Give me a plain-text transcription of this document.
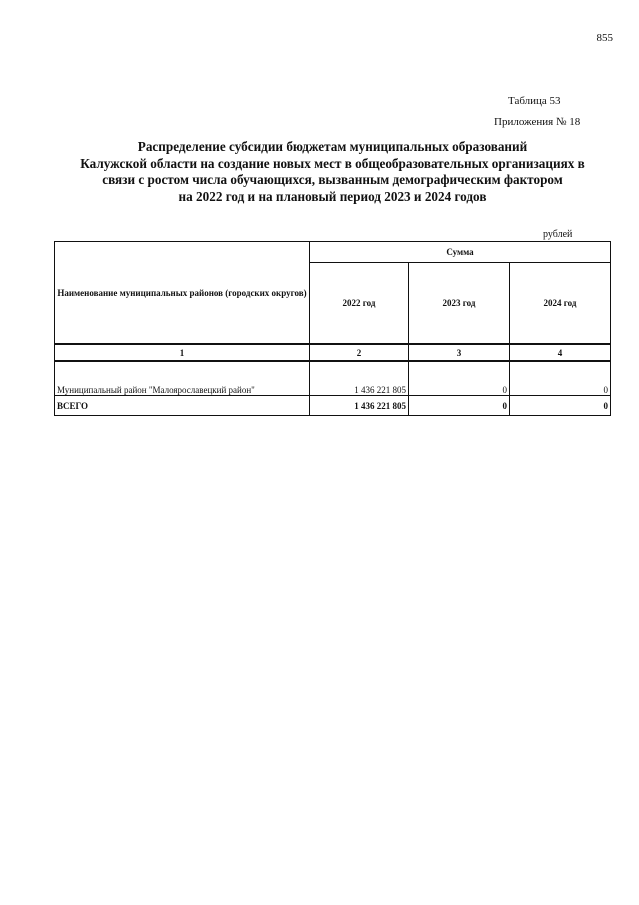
855
Таблица 53
Приложения № 18
Распределение субсидии бюджетам муниципальных образований
Калужской области на создание новых мест в общеобразовательных организациях в
связи с ростом числа обучающихся, вызванным демографическим фактором
на 2022 год и на плановый период 2023 и 2024 годов
рублей
Наименование муниципальных районов (городских округов)	Сумма		
	2022 год	2023 год	2024 год
1	2	3	4
Муниципальный район "Малоярославецкий район"	1 436 221 805	0	0
ВСЕГО	1 436 221 805	0	0
